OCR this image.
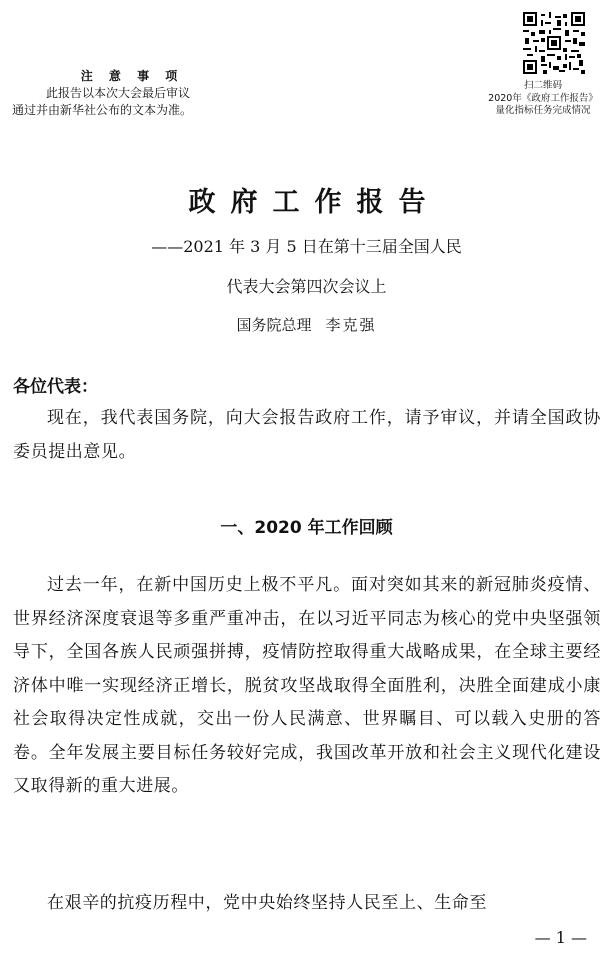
注 意 事 项
此报告以本次大会最后审议
通过并由新华社公布的文本为准。
扫二维码
2020年《政府工作报告》
量化指标任务完成情况
政府工作报告
——2021 年 3 月 5 日在第十三届全国人民
代表大会第四次会议上
国务院总理 李克强
各位代表：

现在，我代表国务院，向大会报告政府工作，请予审议，并请全国政协委员提出意见。

一、2020 年工作回顾

过去一年，在新中国历史上极不平凡。面对突如其来的新冠肺炎疫情、世界经济深度衰退等多重严重冲击，在以习近平同志为核心的党中央坚强领导下，全国各族人民顽强拼搏，疫情防控取得重大战略成果，在全球主要经济体中唯一实现经济正增长，脱贫攻坚战取得全面胜利，决胜全面建成小康社会取得决定性成就，交出一份人民满意、世界瞩目、可以载入史册的答卷。全年发展主要目标任务较好完成，我国改革开放和社会主义现代化建设又取得新的重大进展。

在艰辛的抗疫历程中，党中央始终坚持人民至上、生命至

— 1 —
